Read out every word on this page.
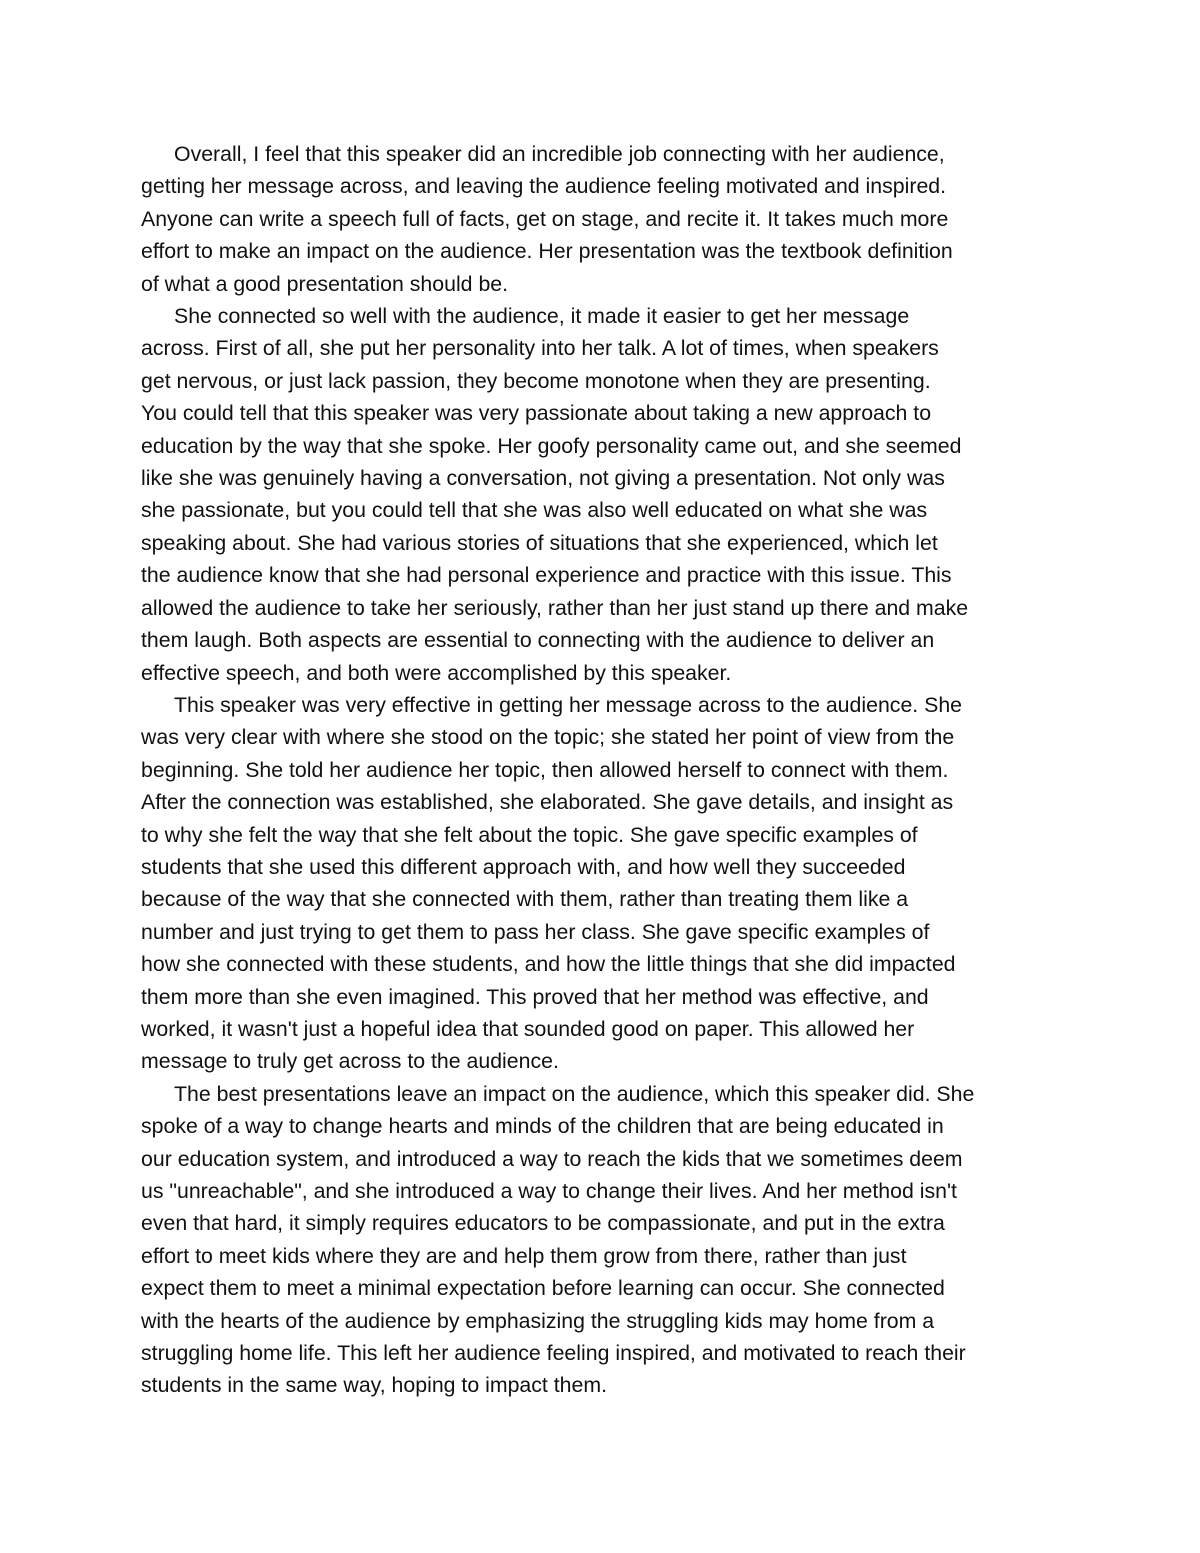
Overall, I feel that this speaker did an incredible job connecting with her audience,
getting her message across, and leaving the audience feeling motivated and inspired.
Anyone can write a speech full of facts, get on stage, and recite it. It takes much more
effort to make an impact on the audience. Her presentation was the textbook definition
of what a good presentation should be.
She connected so well with the audience, it made it easier to get her message
across. First of all, she put her personality into her talk. A lot of times, when speakers
get nervous, or just lack passion, they become monotone when they are presenting.
You could tell that this speaker was very passionate about taking a new approach to
education by the way that she spoke. Her goofy personality came out, and she seemed
like she was genuinely having a conversation, not giving a presentation. Not only was
she passionate, but you could tell that she was also well educated on what she was
speaking about. She had various stories of situations that she experienced, which let
the audience know that she had personal experience and practice with this issue. This
allowed the audience to take her seriously, rather than her just stand up there and make
them laugh. Both aspects are essential to connecting with the audience to deliver an
effective speech, and both were accomplished by this speaker.
This speaker was very effective in getting her message across to the audience. She
was very clear with where she stood on the topic; she stated her point of view from the
beginning. She told her audience her topic, then allowed herself to connect with them.
After the connection was established, she elaborated. She gave details, and insight as
to why she felt the way that she felt about the topic. She gave specific examples of
students that she used this different approach with, and how well they succeeded
because of the way that she connected with them, rather than treating them like a
number and just trying to get them to pass her class. She gave specific examples of
how she connected with these students, and how the little things that she did impacted
them more than she even imagined. This proved that her method was effective, and
worked, it wasn't just a hopeful idea that sounded good on paper. This allowed her
message to truly get across to the audience.
The best presentations leave an impact on the audience, which this speaker did. She
spoke of a way to change hearts and minds of the children that are being educated in
our education system, and introduced a way to reach the kids that we sometimes deem
us "unreachable", and she introduced a way to change their lives. And her method isn't
even that hard, it simply requires educators to be compassionate, and put in the extra
effort to meet kids where they are and help them grow from there, rather than just
expect them to meet a minimal expectation before learning can occur. She connected
with the hearts of the audience by emphasizing the struggling kids may home from a
struggling home life. This left her audience feeling inspired, and motivated to reach their
students in the same way, hoping to impact them.
